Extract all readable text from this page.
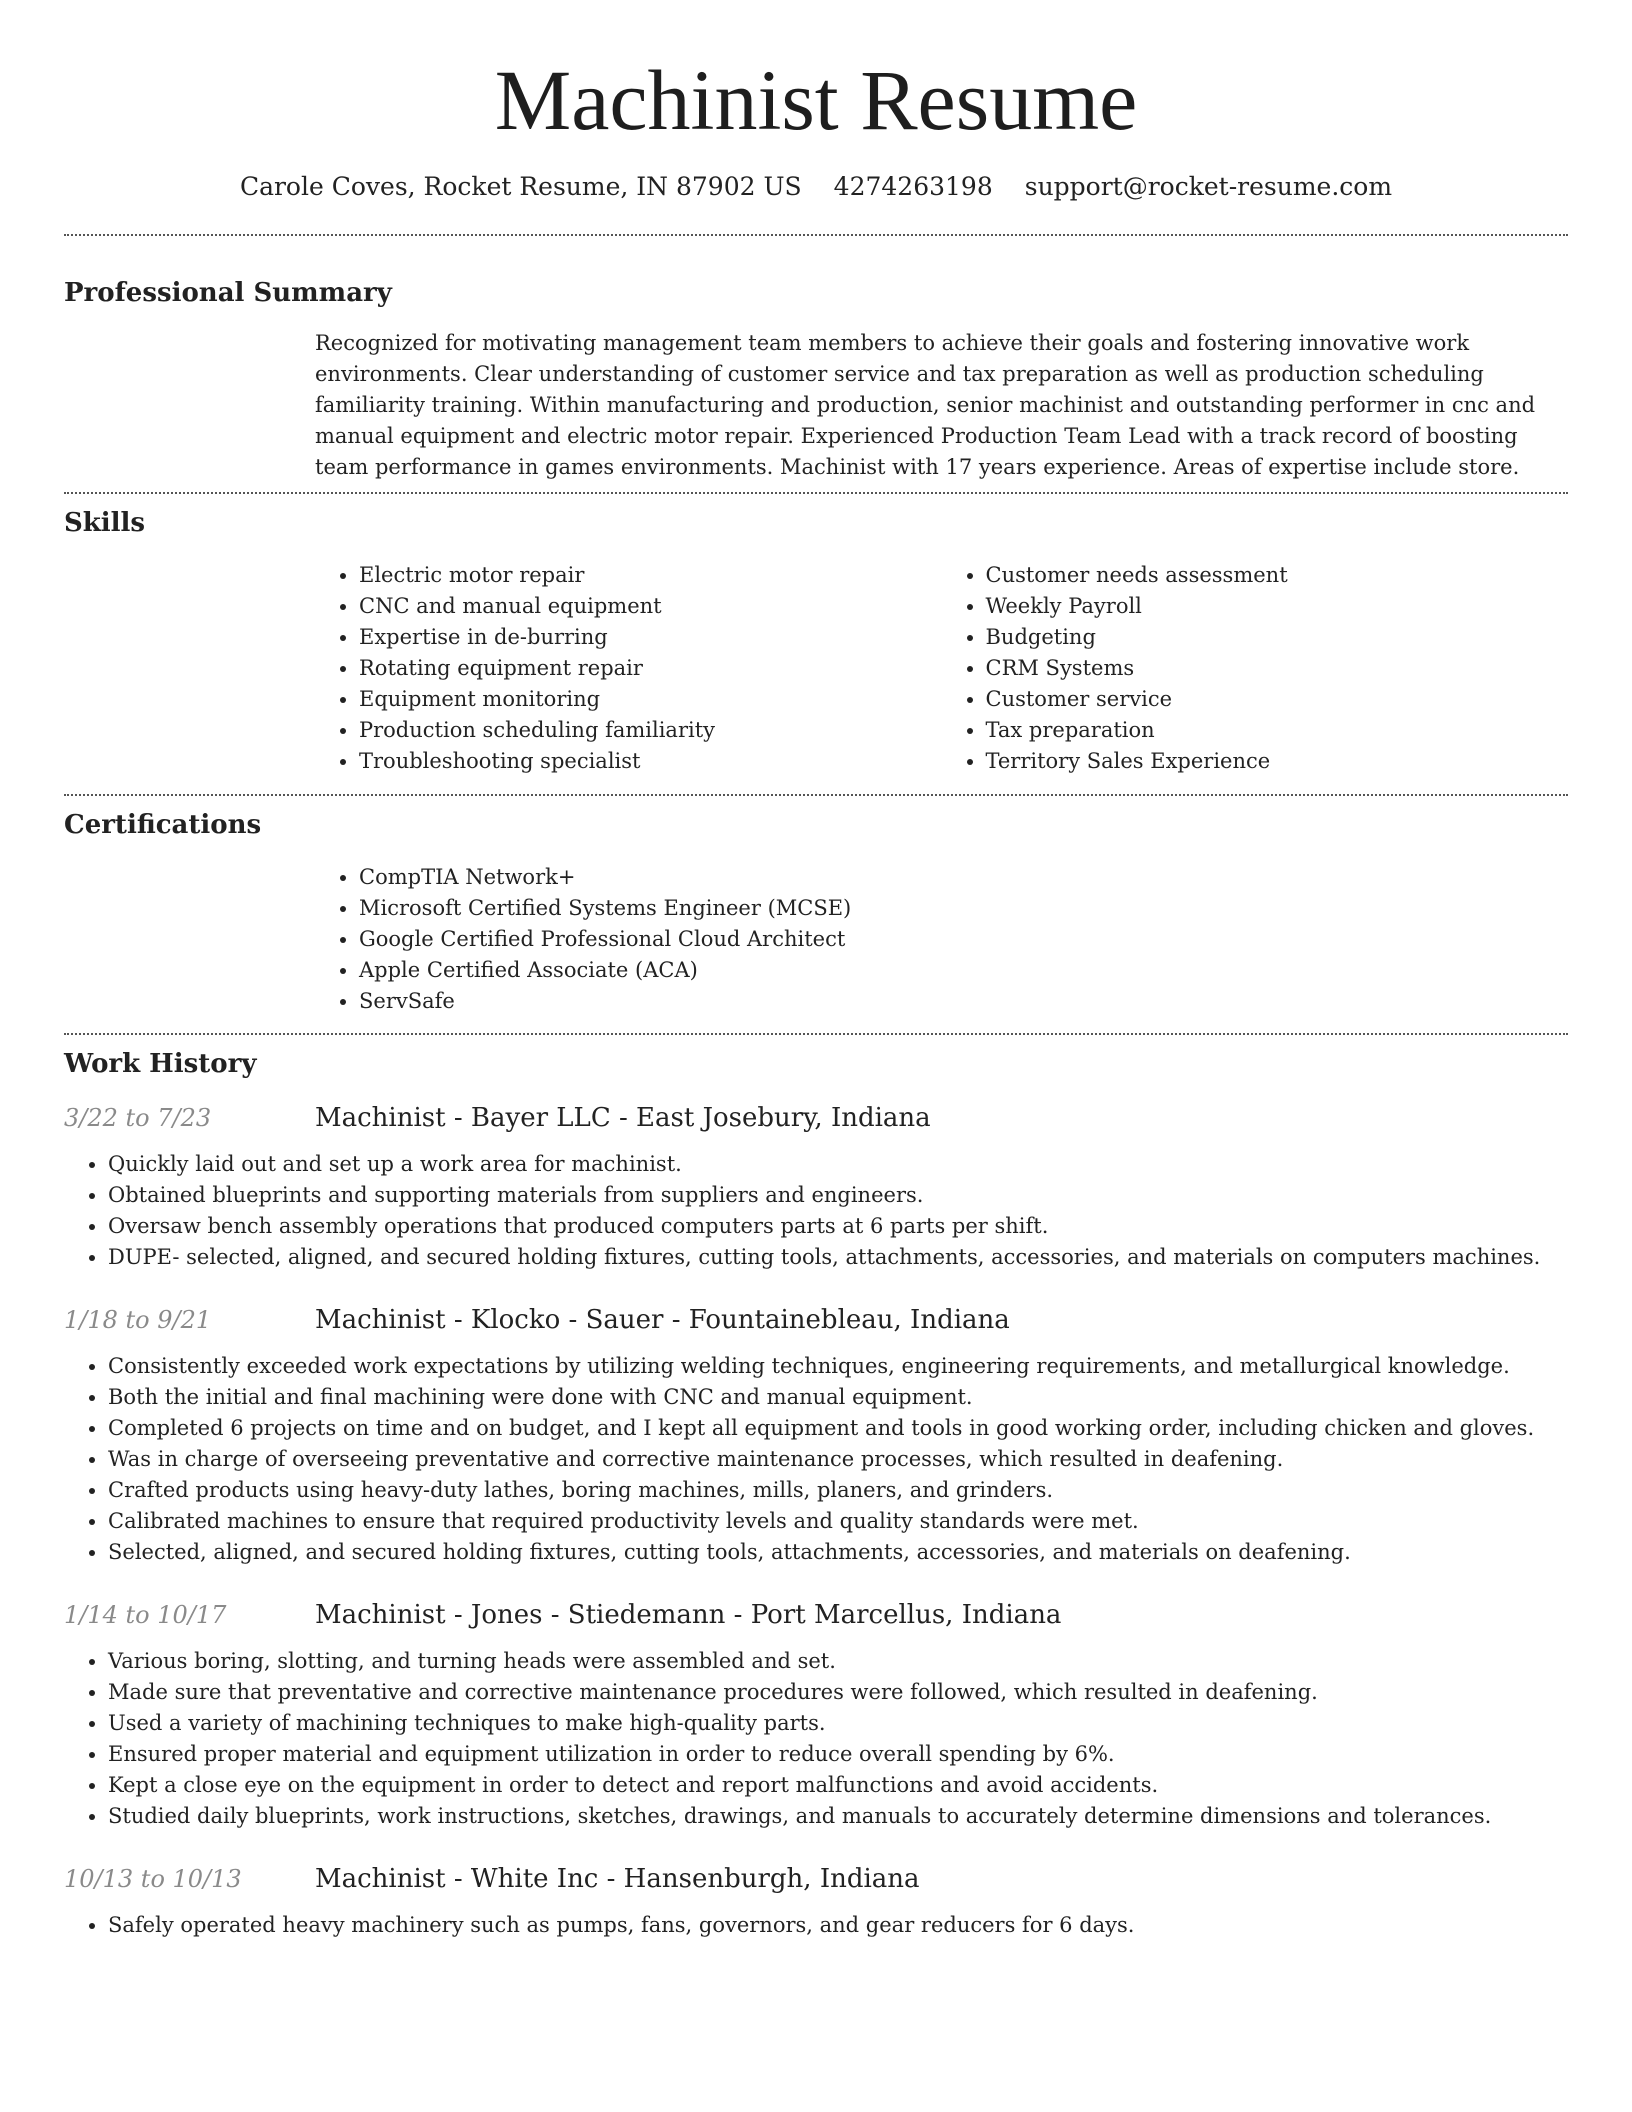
Machinist Resume
Carole Coves, Rocket Resume, IN 87902 US 4274263198 support@rocket-resume.com
Professional Summary

Recognized for motivating management team members to achieve their goals and fostering innovative work environments. Clear understanding of customer service and tax preparation as well as production scheduling familiarity training. Within manufacturing and production, senior machinist and outstanding performer in cnc and manual equipment and electric motor repair. Experienced Production Team Lead with a track record of boosting team performance in games environments. Machinist with 17 years experience. Areas of expertise include store.

Skills
• Electric motor repair
• CNC and manual equipment
• Expertise in de-burring
• Rotating equipment repair
• Equipment monitoring
• Production scheduling familiarity
• Troubleshooting specialist
• Customer needs assessment
• Weekly Payroll
• Budgeting
• CRM Systems
• Customer service
• Tax preparation
• Territory Sales Experience
Certifications
• CompTIA Network+
• Microsoft Certified Systems Engineer (MCSE)
• Google Certified Professional Cloud Architect
• Apple Certified Associate (ACA)
• ServSafe
Work History
3/22 to 7/23	Machinist - Bayer LLC - East Josebury, Indiana
• Quickly laid out and set up a work area for machinist.
• Obtained blueprints and supporting materials from suppliers and engineers.
• Oversaw bench assembly operations that produced computers parts at 6 parts per shift.
• DUPE- selected, aligned, and secured holding fixtures, cutting tools, attachments, accessories, and materials on computers machines.
1/18 to 9/21	Machinist - Klocko - Sauer - Fountainebleau, Indiana
• Consistently exceeded work expectations by utilizing welding techniques, engineering requirements, and metallurgical knowledge.
• Both the initial and final machining were done with CNC and manual equipment.
• Completed 6 projects on time and on budget, and I kept all equipment and tools in good working order, including chicken and gloves.
• Was in charge of overseeing preventative and corrective maintenance processes, which resulted in deafening.
• Crafted products using heavy-duty lathes, boring machines, mills, planers, and grinders.
• Calibrated machines to ensure that required productivity levels and quality standards were met.
• Selected, aligned, and secured holding fixtures, cutting tools, attachments, accessories, and materials on deafening.
1/14 to 10/17	Machinist - Jones - Stiedemann - Port Marcellus, Indiana
• Various boring, slotting, and turning heads were assembled and set.
• Made sure that preventative and corrective maintenance procedures were followed, which resulted in deafening.
• Used a variety of machining techniques to make high-quality parts.
• Ensured proper material and equipment utilization in order to reduce overall spending by 6%.
• Kept a close eye on the equipment in order to detect and report malfunctions and avoid accidents.
• Studied daily blueprints, work instructions, sketches, drawings, and manuals to accurately determine dimensions and tolerances.
10/13 to 10/13	Machinist - White Inc - Hansenburgh, Indiana
• Safely operated heavy machinery such as pumps, fans, governors, and gear reducers for 6 days.
